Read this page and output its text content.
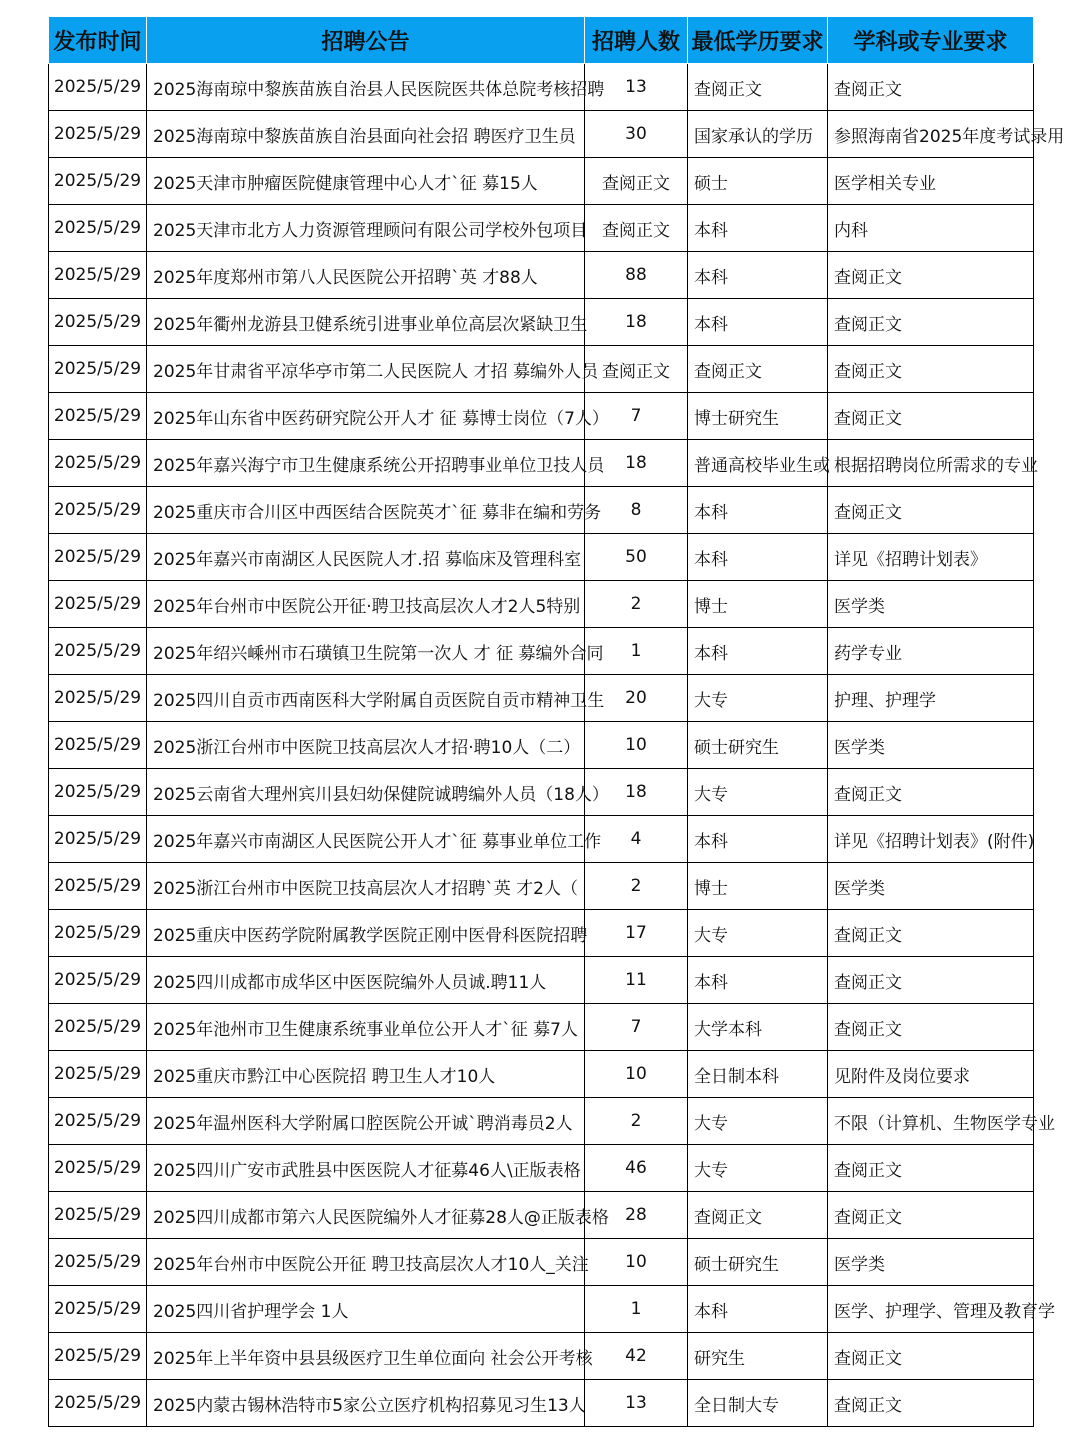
发布时间	招聘公告	招聘人数	最低学历要求	学科或专业要求
2025/5/29	2025海南琼中黎族苗族自治县人民医院医共体总院考核招聘	13	查阅正文	查阅正文
2025/5/29	2025海南琼中黎族苗族自治县面向社会招 聘医疗卫生员	30	国家承认的学历	参照海南省2025年度考试录用
2025/5/29	2025天津市肿瘤医院健康管理中心人才`征 募15人	查阅正文	硕士	医学相关专业
2025/5/29	2025天津市北方人力资源管理顾问有限公司学校外包项目	查阅正文	本科	内科
2025/5/29	2025年度郑州市第八人民医院公开招聘`英 才88人	88	本科	查阅正文
2025/5/29	2025年衢州龙游县卫健系统引进事业单位高层次紧缺卫生	18	本科	查阅正文
2025/5/29	2025年甘肃省平凉华亭市第二人民医院人 才招 募编外人员	查阅正文	查阅正文	查阅正文
2025/5/29	2025年山东省中医药研究院公开人才 征 募博士岗位（7人）	7	博士研究生	查阅正文
2025/5/29	2025年嘉兴海宁市卫生健康系统公开招聘事业单位卫技人员	18	普通高校毕业生或	根据招聘岗位所需求的专业
2025/5/29	2025重庆市合川区中西医结合医院英才`征 募非在编和劳务	8	本科	查阅正文
2025/5/29	2025年嘉兴市南湖区人民医院人才.招 募临床及管理科室	50	本科	详见《招聘计划表》
2025/5/29	2025年台州市中医院公开征·聘卫技高层次人才2人5特别	2	博士	医学类
2025/5/29	2025年绍兴嵊州市石璜镇卫生院第一次人 才 征 募编外合同	1	本科	药学专业
2025/5/29	2025四川自贡市西南医科大学附属自贡医院自贡市精神卫生	20	大专	护理、护理学
2025/5/29	2025浙江台州市中医院卫技高层次人才招·聘10人（二）	10	硕士研究生	医学类
2025/5/29	2025云南省大理州宾川县妇幼保健院诚聘编外人员（18人）	18	大专	查阅正文
2025/5/29	2025年嘉兴市南湖区人民医院公开人才`征 募事业单位工作	4	本科	详见《招聘计划表》(附件)
2025/5/29	2025浙江台州市中医院卫技高层次人才招聘`英 才2人（	2	博士	医学类
2025/5/29	2025重庆中医药学院附属教学医院正刚中医骨科医院招聘	17	大专	查阅正文
2025/5/29	2025四川成都市成华区中医医院编外人员诚.聘11人	11	本科	查阅正文
2025/5/29	2025年池州市卫生健康系统事业单位公开人才`征 募7人	7	大学本科	查阅正文
2025/5/29	2025重庆市黔江中心医院招 聘卫生人才10人	10	全日制本科	见附件及岗位要求
2025/5/29	2025年温州医科大学附属口腔医院公开诚`聘消毒员2人	2	大专	不限（计算机、生物医学专业
2025/5/29	2025四川广安市武胜县中医医院人才征募46人\正版表格	46	大专	查阅正文
2025/5/29	2025四川成都市第六人民医院编外人才征募28人@正版表格	28	查阅正文	查阅正文
2025/5/29	2025年台州市中医院公开征 聘卫技高层次人才10人_关注	10	硕士研究生	医学类
2025/5/29	2025四川省护理学会 1人	1	本科	医学、护理学、管理及教育学
2025/5/29	2025年上半年资中县县级医疗卫生单位面向 社会公开考核	42	研究生	查阅正文
2025/5/29	2025内蒙古锡林浩特市5家公立医疗机构招募见习生13人	13	全日制大专	查阅正文
